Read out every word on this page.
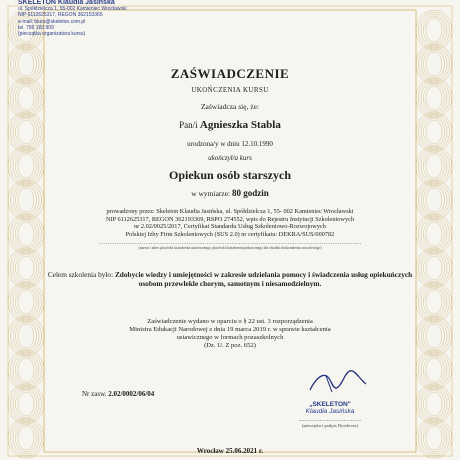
SKELETON Klaudia Jasińska
ul. Spółdzielcza 1, 55-002 Kamieniec Wrocławski
NIP 6112625317, REGON 362153365
e-mail: biuro@skeleton.com.pl
tel. 786 183 909
(pieczątka organizatora kursu)
ZAŚWIADCZENIE
UKOŃCZENIA KURSU
Zaświadcza się, że:
Pan/i Agnieszka Stabla
urodzona/y w dniu 12.10.1990
ukończył/a kurs
Opiekun osób starszych
w wymiarze: 80 godzin
prowadzony przez: Skeleton Klaudia Jasińska, ul. Spółdzielcza 1, 55- 002 Kamieniec Wrocławski
NIP 6112625317, REGON 362193369, RSPO 274552, wpis do Rejestru Instytucji Szkoleniowych
nr 2.02/0025/2017, Certyfikat Standardu Usług Szkoleniowo-Rozwojowych
Polskiej Izby Firm Szkoleniowych (SUS 2.0) nr certyfikatu: DEKRA/SUS/000782
..................................................................................................................................................
(nazwa i adres placówki kształcenia ustawicznego, placówki kształcenia praktycznego lub ośrodka doskonalenia zawodowego)
Celem szkolenia było: Zdobycie wiedzy i umiejętności w zakresie udzielania pomocy i świadczenia usług opiekuńczych osobom przewlekle chorym, samotnym i niesamodzielnym.
Zaświadczenie wydano w oparciu o § 22 ust. 3 rozporządzenia
Ministra Edukacji Narodowej z dnia 19 marca 2019 r. w sprawie kształcenia
ustawicznego w formach pozaszkolnych
(Dz. U. Z poz. 652)
Nr zasw. 2.02/0002/06/04
„SKELETON"
Klaudia Jasińska
..........................................
(pieczątka i podpis Dyrektora)
Wrocław 25.06.2021 r.
